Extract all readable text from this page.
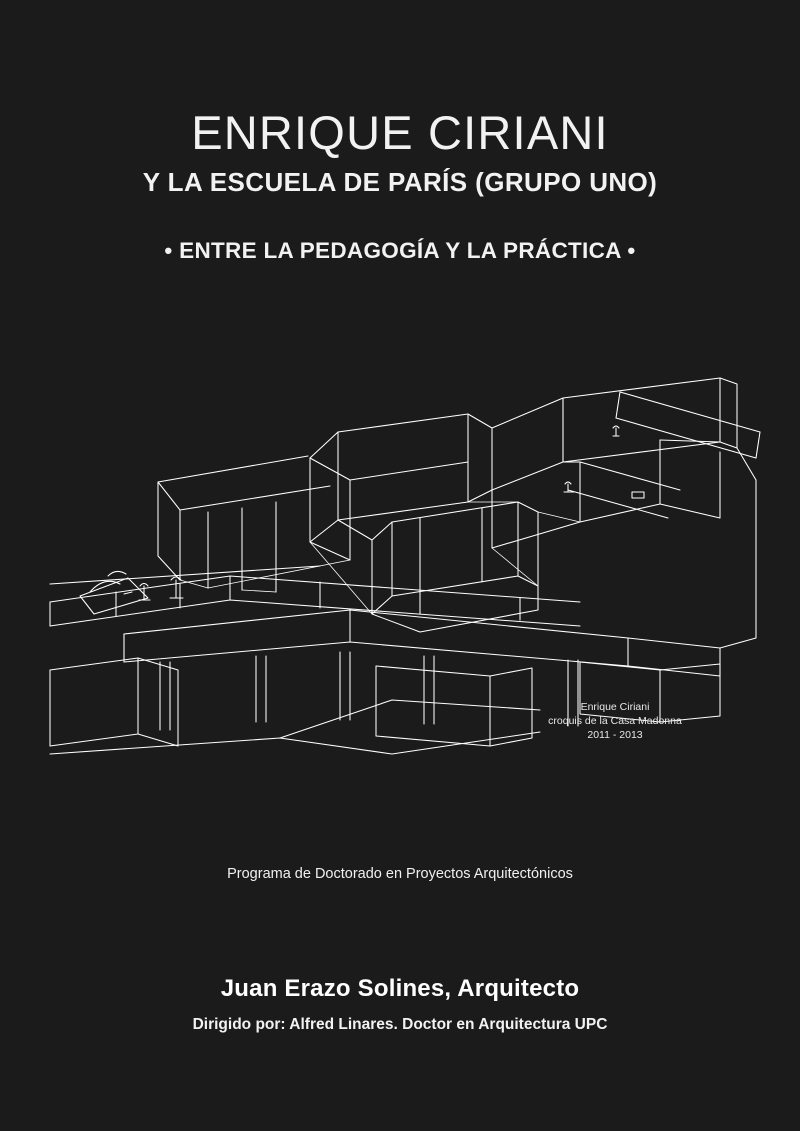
ENRIQUE CIRIANI
Y LA ESCUELA DE PARÍS (GRUPO UNO)
• ENTRE LA PEDAGOGÍA Y LA PRÁCTICA •
Enrique Ciriani
croquis de la Casa Madonna
2011 - 2013
Programa de Doctorado en Proyectos Arquitectónicos
Juan Erazo Solines, Arquitecto
Dirigido por: Alfred Linares. Doctor en Arquitectura UPC
